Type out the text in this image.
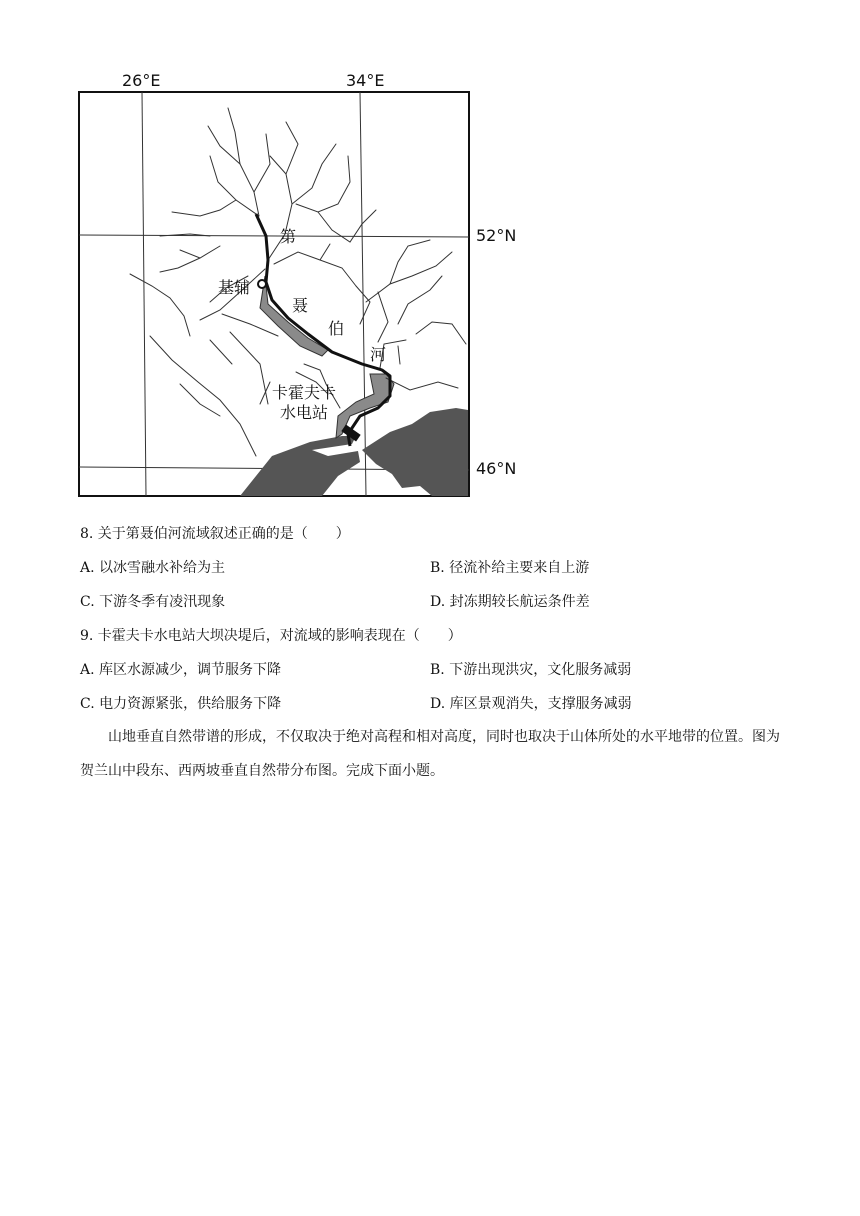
26°E	34°E
52°N
46°N
基辅
第
聂
伯
河
卡霍夫卡
水电站
8. 关于第聂伯河流域叙述正确的是（　　）
A. 以冰雪融水补给为主	B. 径流补给主要来自上游
C. 下游冬季有凌汛现象	D. 封冻期较长航运条件差
9. 卡霍夫卡水电站大坝决堤后，对流域的影响表现在（　　）
A. 库区水源减少，调节服务下降	B. 下游出现洪灾，文化服务减弱
C. 电力资源紧张，供给服务下降	D. 库区景观消失，支撑服务减弱
山地垂直自然带谱的形成，不仅取决于绝对高程和相对高度，同时也取决于山体所处的水平地带的位置。图为贺兰山中段东、西两坡垂直自然带分布图。完成下面小题。
